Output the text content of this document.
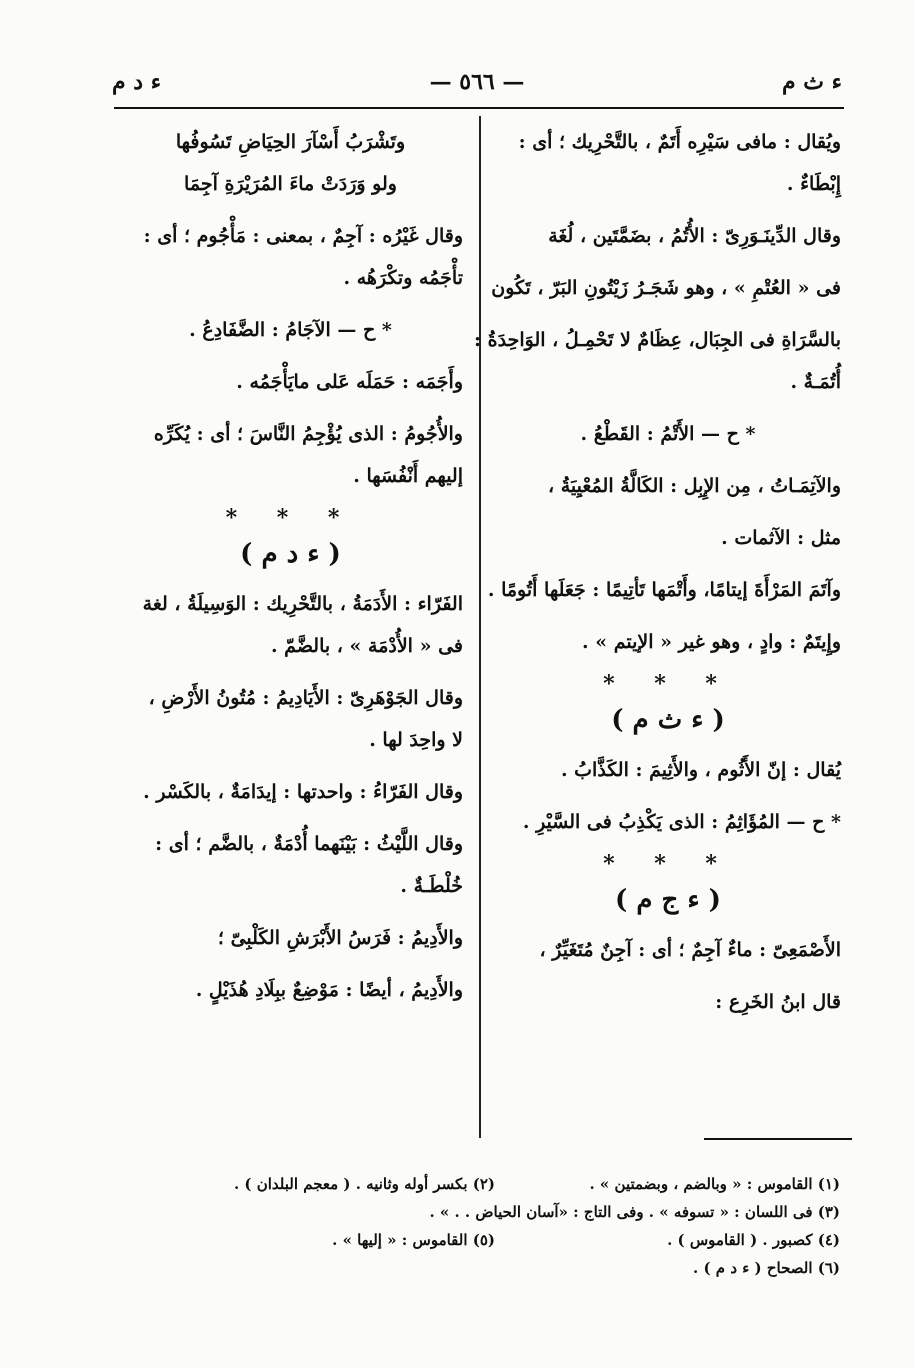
ء د م	— ٥٦٦ —	ء ث م
ويُقال : مافى سَيْرِه أَتَمٌ ، بالتَّحْرِيك ؛ أى :
إِبْطَاءٌ .
وقال الدِّينَـوَرِىّ : الأُتُمُ ، بضَمَّتَين ، لُغَة
فى « العُتْمِ » ، وهو شَجَـرُ زَيْتُونِ البَرّ ، تَكُون
بالسَّرَاةِ فى الجِبَال، عِظَامٌ لا تَحْمِـلُ ، الوَاحِدَةُ :
أُتُمَـةٌ .
* ح — الأَتْمُ : القَطْعُ .
والآتِمَـاتُ ، مِن الإِبِل : الكَالَّةُ المُعْيِيَةُ ،
مثل : الآثمات .
وآتَمَ المَرْأَةَ إيتامًا، وأَتْمَها تَأتِيمًا : جَعَلَها أَتُومًا .
وإِيتَمٌ : وادٍ ، وهو غير « الإيتم » .
* * *
( ء ث م )
يُقال : إنّ الأَثُوم ، والأَثِيمَ : الكَذَّابُ .
* ح — المُؤَاثِمُ : الذى يَكْذِبُ فى السَّيْرِ .
* * *
( ء ج م )
الأَصْمَعِىّ : ماءٌ آجِمٌ ؛ أى : آجِنٌ مُتَغَيِّرٌ ،
قال ابنُ الخَرِع :
وتَشْرَبُ أَسْآرَ الحِيَاضِ تَسُوفُها
ولو وَرَدَتْ ماءَ المُرَيْرَةِ آجِمَا
وقال غَيْرُه : آجِمٌ ، بمعنى : مَأْجُوم ؛ أى :
تأْجَمُه وتكْرَهُه .
* ح — الآجَامُ : الضَّفَادِعُ .
وأَجَمَه : حَمَلَه عَلى مايَأْجَمُه .
والأُجُومُ : الذى يُؤْجِمُ النَّاسَ ؛ أى : يُكَرِّه
إليهم أَنْفُسَها .
* * *
( ء د م )
الفَرّاء : الأَدَمَةُ ، بالتَّحْرِيك : الوَسِيلَةُ ، لغة
فى « الأُدْمَة » ، بالضَّمّ .
وقال الجَوْهَرِىّ : الأَيَادِيمُ : مُتُونُ الأَرْضِ ،
لا واحِدَ لها .
وقال الفَرّاءُ : واحدتها : إيدَامَةٌ ، بالكَسْر .
وقال اللَّيْثُ : بَيْنَهما أُدْمَةٌ ، بالضَّم ؛ أى :
خُلْطَـةٌ .
والأَدِيمُ : فَرَسُ الأَبْرَشِ الكَلْبِىّ ؛
والأَدِيمُ ، أيضًا : مَوْضِعٌ ببِلَادِ هُذَيْلٍ .
(١) القاموس : « وبالضم ، وبضمتين » .
(٢) بكسر أوله وثانيه . ( معجم البلدان ) .
(٣) فى اللسان : « تسوفه » . وفى التاج : «آسان الحياض . . » .
(٤) كصبور . ( القاموس ) .
(٥) القاموس : « إليها » .
(٦) الصحاح ( ء د م ) .
